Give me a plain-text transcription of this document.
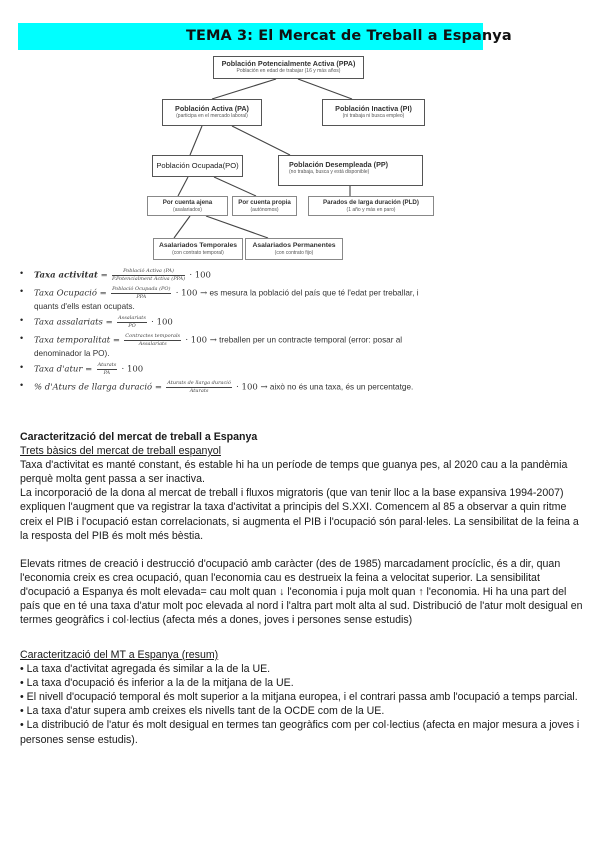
TEMA 3: El Mercat de Treball a Espanya
Población Potencialmente Activa (PPA)
Población en edad de trabajar (16 y más años)
Población Activa (PA)
(participa en el mercado laboral)
Población Inactiva (PI)
(ni trabaja ni busca empleo)
Población Ocupada(PO)	Población Desempleada (PP)
(no trabaja, busca y está disponible)
Por cuenta ajena
(asalariados)
Por cuenta propia
(autónomos)
Parados de larga duración (PLD)
(1 año y más en paro)
Asalariados Temporales
(con contrato temporal)
Asalariados Permanentes
(con contrato fijo)
• Taxa activitat = $\frac{\text{Població Activa (PA)}}{\text{P.Potencialment Activa (PPA)}} \cdot 100$
• Taxa Ocupació = $\frac{\text{Població Ocupada (PO)}}{\text{PPA}} \cdot 100$ → es mesura la població del país que té l'edat per treballar, i quants d'ells estan ocupats.
• Taxa assalariats = $\frac{\text{Assalariats}}{PO} \cdot 100$
• Taxa temporalitat = $\frac{\text{Contractes temporals}}{\text{Assalariats}} \cdot 100$ → treballen per un contracte temporal (error: posar al denominador la PO).
• Taxa d'atur = $\frac{\text{Aturats}}{PA} \cdot 100$
• % d'Aturs de llarga duració = $\frac{\text{Aturats de llarga duració}}{\text{Aturats}} \cdot 100$ → això no és una taxa, és un percentatge.

Caracterització del mercat de treball a Espanya

Trets bàsics del mercat de treball espanyol

Taxa d'activitat es manté constant, és estable hi ha un període de temps que guanya pes, al 2020 cau a la pandèmia perquè molta gent passa a ser inactiva.

La incorporació de la dona al mercat de treball i fluxos migratoris (que van tenir lloc a la base expansiva 1994-2007) expliquen l'augment que va registrar la taxa d'activitat a principis del S.XXI. Comencem al 85 a observar a quin ritme creix el PIB i l'ocupació estan correlacionats, si augmenta el PIB i l'ocupació són paral·leles. La sensibilitat de la feina a la resposta del PIB és molt més bèstia.

Elevats ritmes de creació i destrucció d'ocupació amb caràcter (des de 1985) marcadament procíclic, és a dir, quan l'economia creix es crea ocupació, quan l'economia cau es destrueix la feina a velocitat superior. La sensibilitat d'ocupació a Espanya és molt elevada= cau molt quan ↓ l'economia i puja molt quan ↑ l'economia. Hi ha una part del país que en té una taxa d'atur molt poc elevada al nord i l'altra part molt alta al sud. Distribució de l'atur molt desigual en termes geogràfics i col·lectius (afecta més a dones, joves i persones sense estudis)

Caracterització del MT a Espanya (resum)

• La taxa d'activitat agregada és similar a la de la UE.

• La taxa d'ocupació és inferior a la de la mitjana de la UE.

• El nivell d'ocupació temporal és molt superior a la mitjana europea, i el contrari passa amb l'ocupació a temps parcial.

• La taxa d'atur supera amb creixes els nivells tant de la OCDE com de la UE.

• La distribució de l'atur és molt desigual en termes tan geogràfics com per col·lectius (afecta en major mesura a joves i persones sense estudis).
